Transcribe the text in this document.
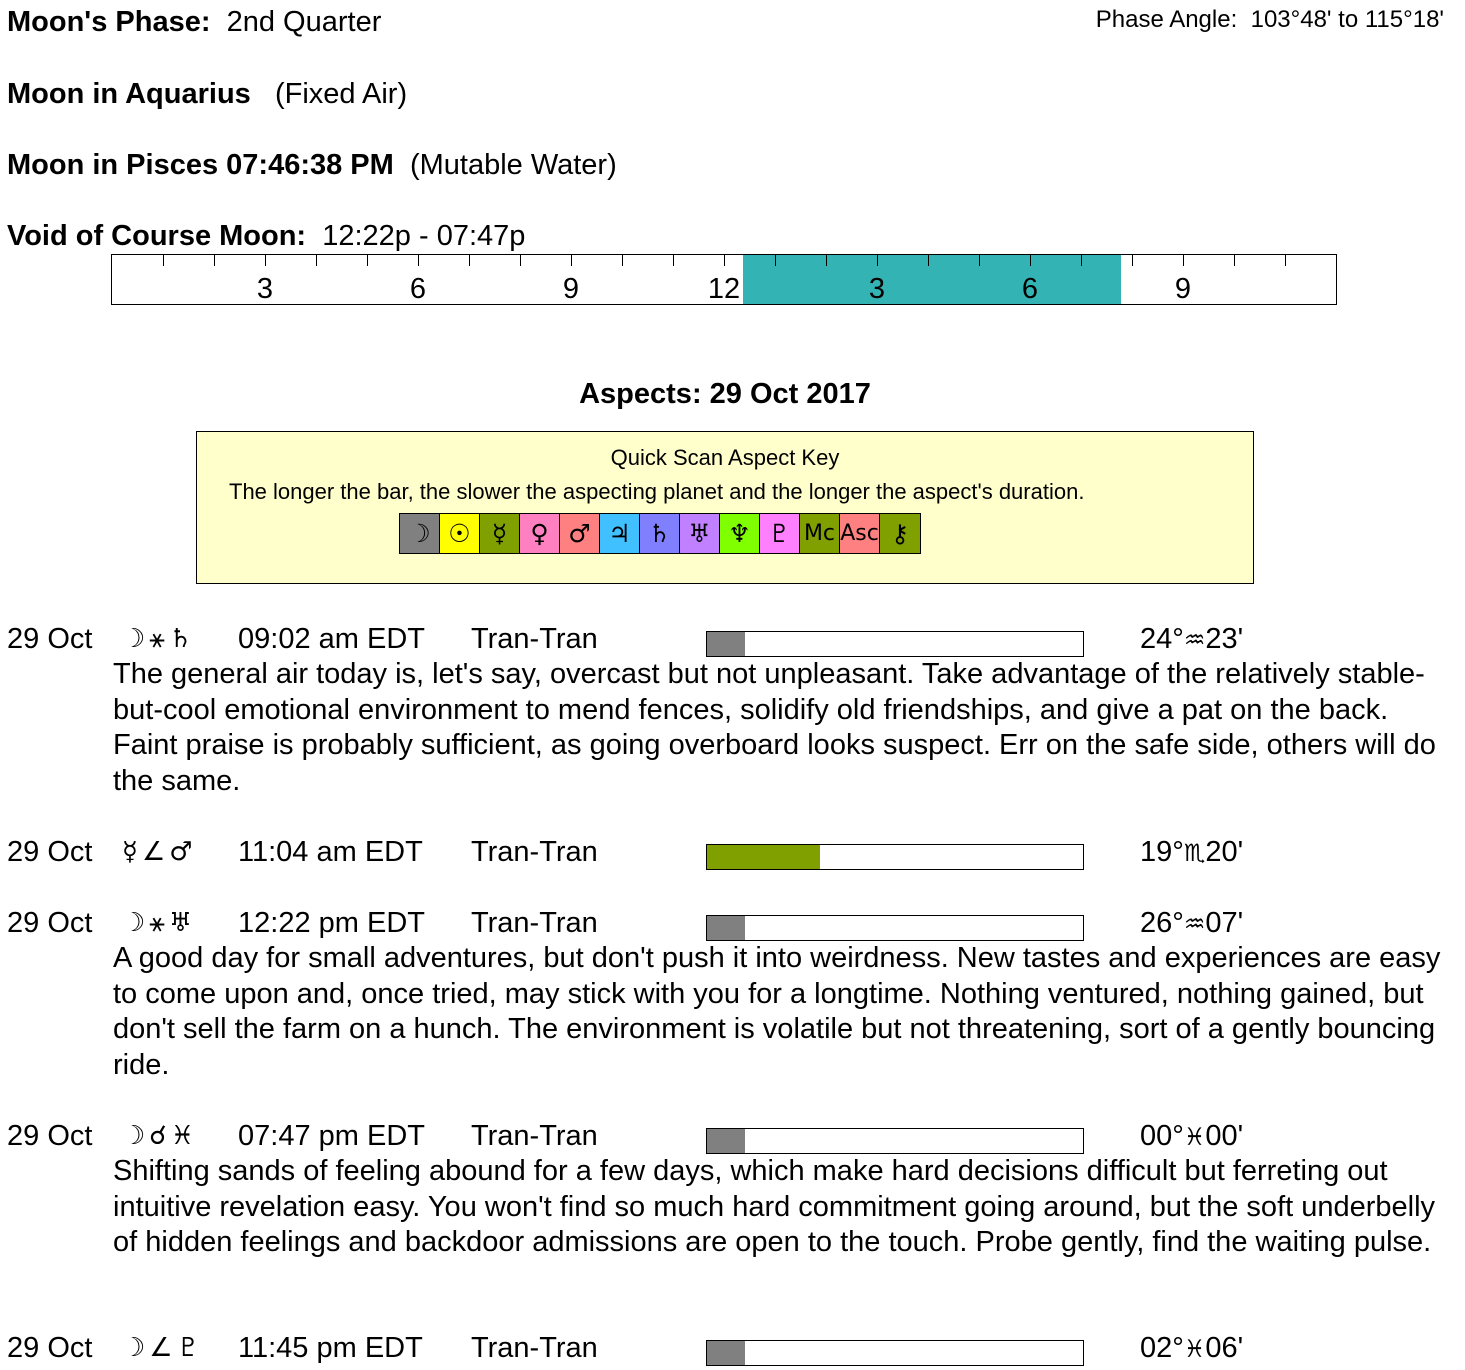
Moon's Phase: 2nd Quarter	Phase Angle: 103°48' to 115°18'
Moon in Aquarius (Fixed Air)
Moon in Pisces 07:46:38 PM (Mutable Water)
Void of Course Moon: 12:22p - 07:47p
3	6	9	12	3	6	9
Aspects: 29 Oct 2017
Quick Scan Aspect Key
The longer the bar, the slower the aspecting planet and the longer the aspect's duration.
☽ ☉ ☿ ♀ ♂ ♃ ♄ ♅ ♆ ♇ Mc Asc ⚷
29 Oct ☽⚹♄ 09:02 am EDT Tran-Tran	24°♒23'
The general air today is, let's say, overcast but not unpleasant. Take advantage of the relatively stable-but-cool emotional environment to mend fences, solidify old friendships, and give a pat on the back. Faint praise is probably sufficient, as going overboard looks suspect. Err on the safe side, others will do the same.
29 Oct ☿∠♂ 11:04 am EDT Tran-Tran	19°♏20'
29 Oct ☽⚹♅ 12:22 pm EDT Tran-Tran	26°♒07'
A good day for small adventures, but don't push it into weirdness. New tastes and experiences are easy to come upon and, once tried, may stick with you for a longtime. Nothing ventured, nothing gained, but don't sell the farm on a hunch. The environment is volatile but not threatening, sort of a gently bouncing ride.
29 Oct ☽☌♓ 07:47 pm EDT Tran-Tran	00°♓00'
Shifting sands of feeling abound for a few days, which make hard decisions difficult but ferreting out intuitive revelation easy. You won't find so much hard commitment going around, but the soft underbelly of hidden feelings and backdoor admissions are open to the touch. Probe gently, find the waiting pulse.
29 Oct ☽∠♇ 11:45 pm EDT Tran-Tran	02°♓06'
